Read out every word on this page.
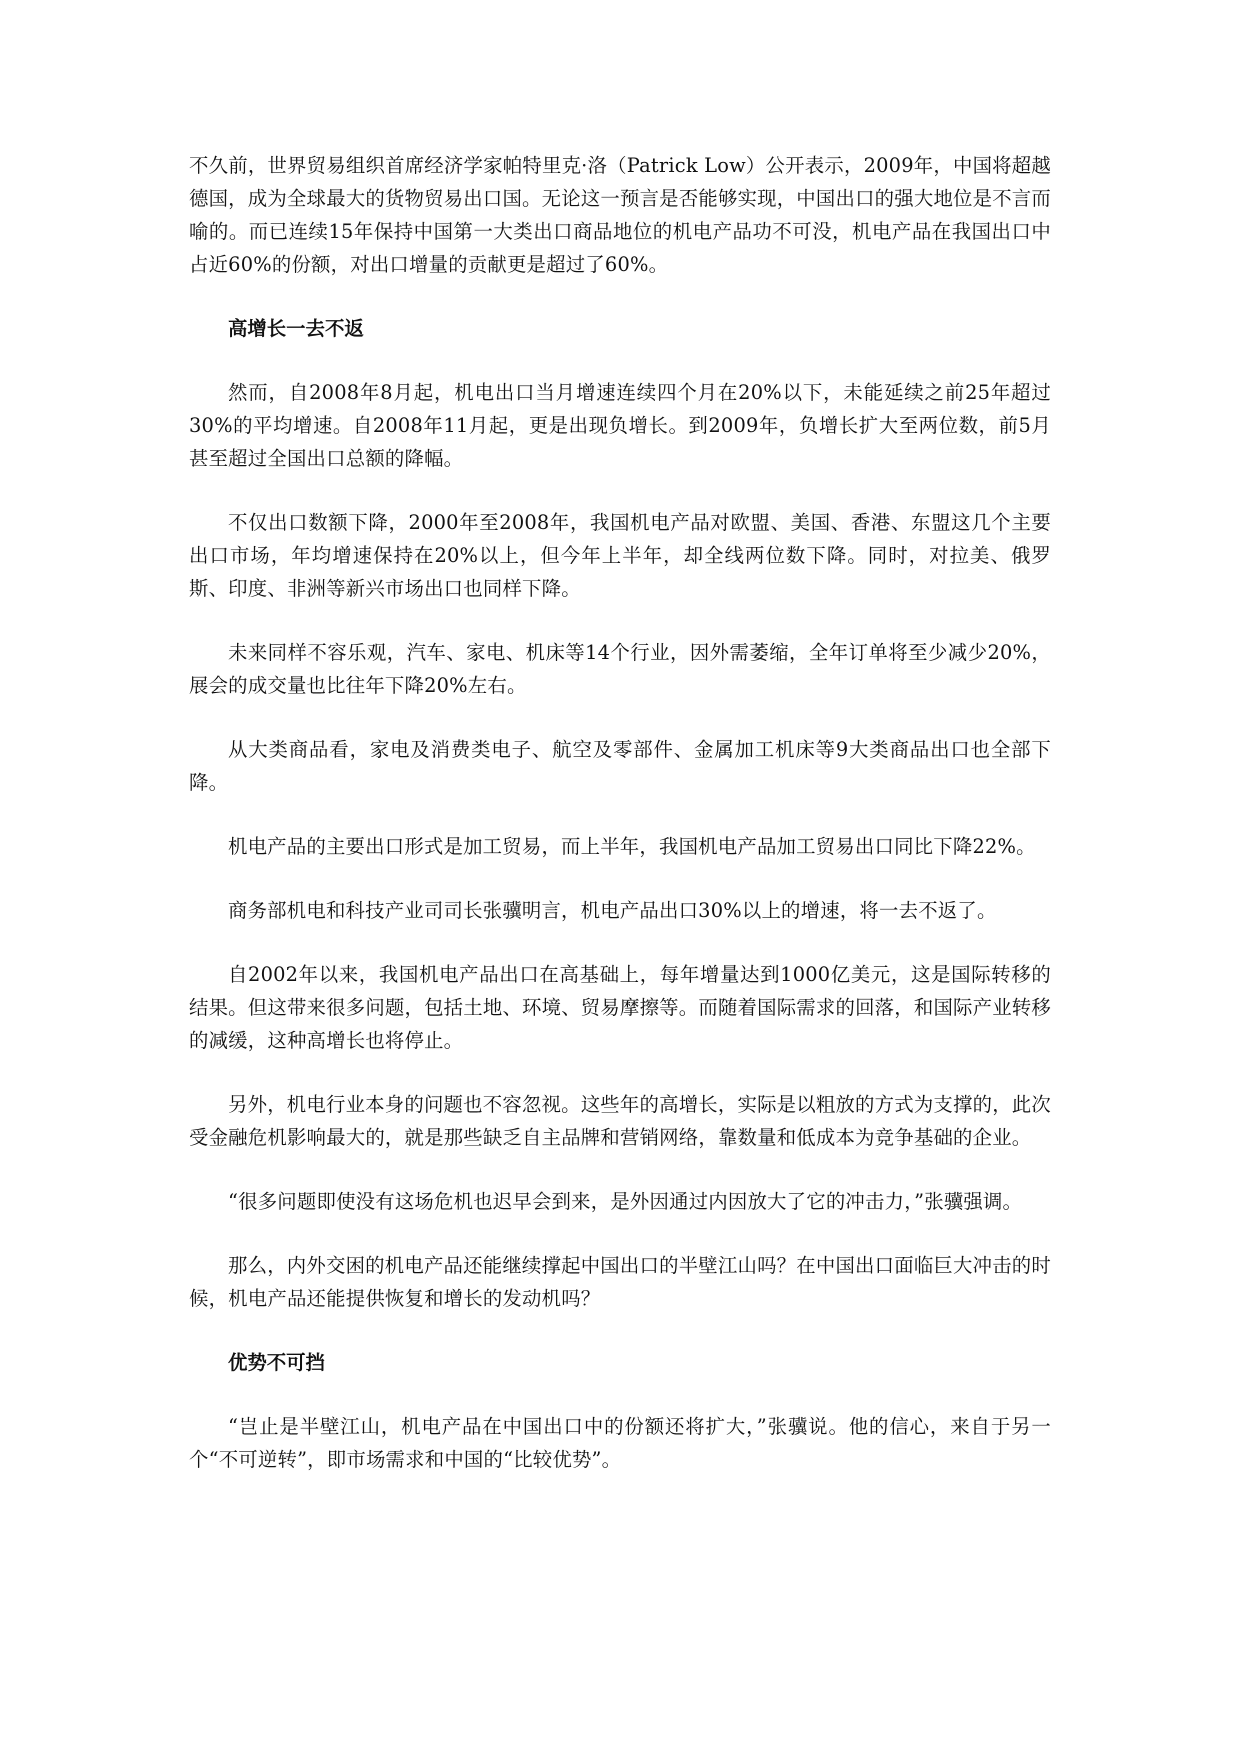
不久前，世界贸易组织首席经济学家帕特里克·洛（Patrick Low）公开表示，2009年，中国将超越德国，成为全球最大的货物贸易出口国。无论这一预言是否能够实现，中国出口的强大地位是不言而喻的。而已连续15年保持中国第一大类出口商品地位的机电产品功不可没，机电产品在我国出口中占近60%的份额，对出口增量的贡献更是超过了60%。

高增长一去不返

然而，自2008年8月起，机电出口当月增速连续四个月在20%以下，未能延续之前25年超过30%的平均增速。自2008年11月起，更是出现负增长。到2009年，负增长扩大至两位数，前5月甚至超过全国出口总额的降幅。

不仅出口数额下降，2000年至2008年，我国机电产品对欧盟、美国、香港、东盟这几个主要出口市场，年均增速保持在20%以上，但今年上半年，却全线两位数下降。同时，对拉美、俄罗斯、印度、非洲等新兴市场出口也同样下降。

未来同样不容乐观，汽车、家电、机床等14个行业，因外需萎缩，全年订单将至少减少20%，展会的成交量也比往年下降20%左右。

从大类商品看，家电及消费类电子、航空及零部件、金属加工机床等9大类商品出口也全部下降。

机电产品的主要出口形式是加工贸易，而上半年，我国机电产品加工贸易出口同比下降22%。

商务部机电和科技产业司司长张骥明言，机电产品出口30%以上的增速，将一去不返了。

自2002年以来，我国机电产品出口在高基础上，每年增量达到1000亿美元，这是国际转移的结果。但这带来很多问题，包括土地、环境、贸易摩擦等。而随着国际需求的回落，和国际产业转移的减缓，这种高增长也将停止。

另外，机电行业本身的问题也不容忽视。这些年的高增长，实际是以粗放的方式为支撑的，此次受金融危机影响最大的，就是那些缺乏自主品牌和营销网络，靠数量和低成本为竞争基础的企业。

“很多问题即使没有这场危机也迟早会到来，是外因通过内因放大了它的冲击力，”张骥强调。

那么，内外交困的机电产品还能继续撑起中国出口的半壁江山吗？在中国出口面临巨大冲击的时候，机电产品还能提供恢复和增长的发动机吗？

优势不可挡

“岂止是半壁江山，机电产品在中国出口中的份额还将扩大，”张骥说。他的信心，来自于另一个“不可逆转”，即市场需求和中国的“比较优势”。
